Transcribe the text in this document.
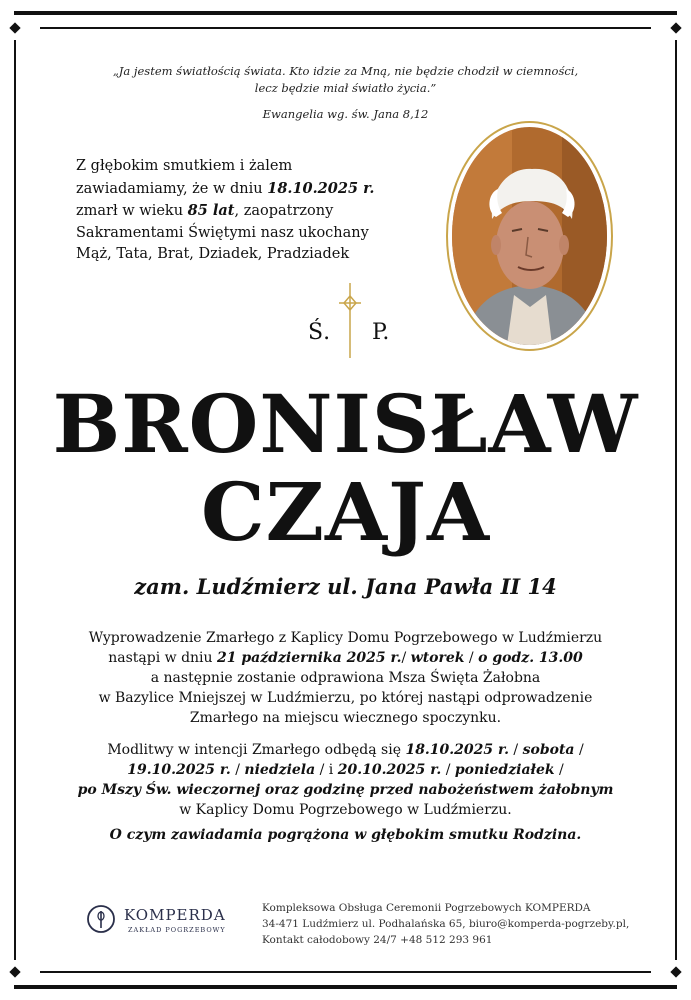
„Ja jestem światłością świata. Kto idzie za Mną, nie będzie chodził w ciemności,
lecz będzie miał światło życia.”
Ewangelia wg. św. Jana 8,12
Z głębokim smutkiem i żalem
zawiadamiamy, że w dniu 18.10.2025 r.
zmarł w wieku 85 lat, zaopatrzony
Sakramentami Świętymi nasz ukochany
Mąż, Tata, Brat, Dziadek, Pradziadek
Ś. P.
BRONISŁAW
CZAJA
zam. Ludźmierz ul. Jana Pawła II 14
Wyprowadzenie Zmarłego z Kaplicy Domu Pogrzebowego w Ludźmierzu
nastąpi w dniu 21 października 2025 r./ wtorek / o godz. 13.00
a następnie zostanie odprawiona Msza Święta Żałobna
w Bazylice Mniejszej w Ludźmierzu, po której nastąpi odprowadzenie
Zmarłego na miejscu wiecznego spoczynku.
Modlitwy w intencji Zmarłego odbędą się 18.10.2025 r. / sobota /
19.10.2025 r. / niedziela / i 20.10.2025 r. / poniedziałek /
po Mszy Św. wieczornej oraz godzinę przed nabożeństwem żałobnym
w Kaplicy Domu Pogrzebowego w Ludźmierzu.
O czym zawiadamia pogrążona w głębokim smutku Rodzina.
KOMPERDA
ZAKŁAD POGRZEBOWY
Kompleksowa Obsługa Ceremonii Pogrzebowych KOMPERDA
34-471 Ludźmierz ul. Podhalańska 65, biuro@komperda-pogrzeby.pl,
Kontakt całodobowy 24/7 +48 512 293 961
